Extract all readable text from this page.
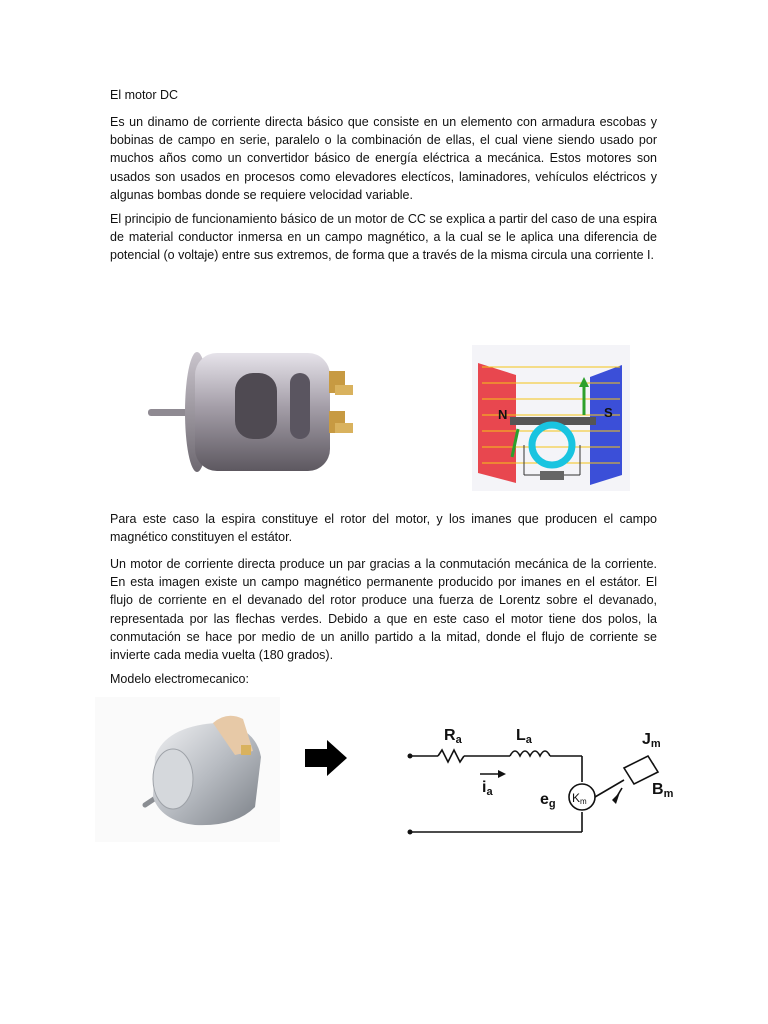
El motor DC

Es un dinamo de corriente directa básico que consiste en un elemento con armadura escobas y bobinas de campo en serie, paralelo o la combinación de ellas, el cual viene siendo usado por muchos años como un convertidor básico de energía eléctrica a mecánica. Estos motores son usados son usados en procesos como elevadores electícos, laminadores, vehículos eléctricos y algunas bombas donde se requiere velocidad variable.

El principio de funcionamiento básico de un motor de CC se explica a partir del caso de una espira de material conductor inmersa en un campo magnético, a la cual se le aplica una diferencia de potencial (o voltaje) entre sus extremos, de forma que a través de la misma circula una corriente I.

N	S

Para este caso la espira constituye el rotor del motor, y los imanes que producen el campo magnético constituyen el estátor.

Un motor de corriente directa produce un par gracias a la conmutación mecánica de la corriente. En esta imagen existe un campo magnético permanente producido por imanes en el estátor. El flujo de corriente en el devanado del rotor produce una fuerza de Lorentz sobre el devanado, representada por las flechas verdes. Debido a que en este caso el motor tiene dos polos, la conmutación se hace por medio de un anillo partido a la mitad, donde el flujo de corriente se invierte cada media vuelta (180 grados).

Modelo electromecanico:
Ra	La
ia	eg Km
Jm
Bm
